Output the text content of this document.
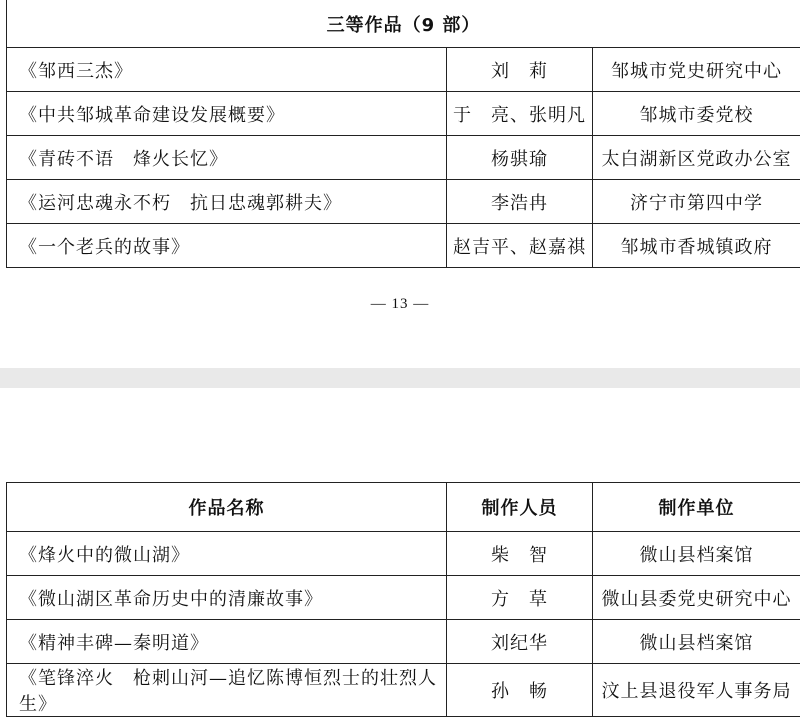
三等作品（9 部）		
《邹西三杰》	刘　莉	邹城市党史研究中心
《中共邹城革命建设发展概要》	于　亮、张明凡	邹城市委党校
《青砖不语　烽火长忆》	杨骐瑜	太白湖新区党政办公室
《运河忠魂永不朽　抗日忠魂郭耕夫》	李浩冉	济宁市第四中学
《一个老兵的故事》	赵吉平、赵嘉祺	邹城市香城镇政府
— 13 —
作品名称	制作人员	制作单位
《烽火中的微山湖》	柴　智	微山县档案馆
《微山湖区革命历史中的清廉故事》	方　草	微山县委党史研究中心
《精神丰碑—秦明道》	刘纪华	微山县档案馆
《笔锋淬火　枪刺山河—追忆陈博恒烈士的壮烈人生》	孙　畅	汶上县退役军人事务局
